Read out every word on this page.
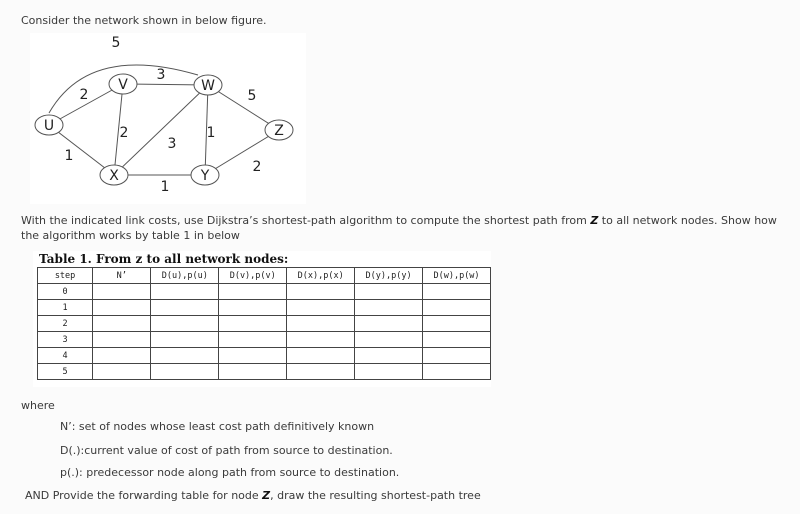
Consider the network shown in below figure.
2
5
1
3
2
3
1
5
1
2
U
V	W
X	Y
Z
With the indicated link costs, use Dijkstra’s shortest-path algorithm to compute the shortest path from Z to all network nodes. Show how the algorithm works by table 1 in below
Table 1. From z to all network nodes:
step	N’	D(u),p(u)	D(v),p(v)	D(x),p(x)	D(y),p(y)	D(w),p(w)
0						
1						
2						
3						
4						
5						
where
N’: set of nodes whose least cost path definitively known
D(.):current value of cost of path from source to destination.
p(.): predecessor node along path from source to destination.
AND Provide the forwarding table for node Z, draw the resulting shortest-path tree
